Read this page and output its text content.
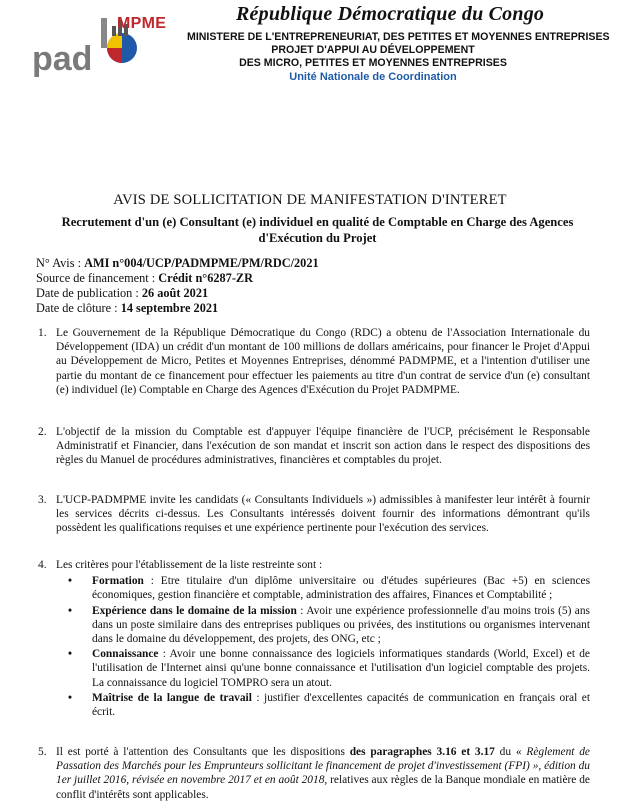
pad
MPME	République Démocratique du Congo
MINISTERE DE L'ENTREPRENEURIAT, DES PETITES ET MOYENNES ENTREPRISES
PROJET D'APPUI AU DÉVELOPPEMENT
DES MICRO, PETITES ET MOYENNES ENTREPRISES
Unité Nationale de Coordination
AVIS DE SOLLICITATION DE MANIFESTATION D'INTERET
Recrutement d'un (e) Consultant (e) individuel en qualité de Comptable en Charge des Agences d'Exécution du Projet
N° Avis : AMI n°004/UCP/PADMPME/PM/RDC/2021
Source de financement : Crédit n°6287-ZR
Date de publication : 26 août 2021
Date de clôture : 14 septembre 2021
1. Le Gouvernement de la République Démocratique du Congo (RDC) a obtenu de l'Association Internationale du Développement (IDA) un crédit d'un montant de 100 millions de dollars américains, pour financer le Projet d'Appui au Développement de Micro, Petites et Moyennes Entreprises, dénommé PADMPME, et a l'intention d'utiliser une partie du montant de ce financement pour effectuer les paiements au titre d'un contrat de service d'un (e) consultant (e) individuel (le) Comptable en Charge des Agences d'Exécution du Projet PADMPME.
2. L'objectif de la mission du Comptable est d'appuyer l'équipe financière de l'UCP, précisément le Responsable Administratif et Financier, dans l'exécution de son mandat et inscrit son action dans le respect des dispositions des règles du Manuel de procédures administratives, financières et comptables du projet.
3. L'UCP-PADMPME invite les candidats (« Consultants Individuels ») admissibles à manifester leur intérêt à fournir les services décrits ci-dessus. Les Consultants intéressés doivent fournir des informations démontrant qu'ils possèdent les qualifications requises et une expérience pertinente pour l'exécution des services.
4. Les critères pour l'établissement de la liste restreinte sont :
• Formation : Etre titulaire d'un diplôme universitaire ou d'études supérieures (Bac +5) en sciences économiques, gestion financière et comptable, administration des affaires, Finances et Comptabilité ;
• Expérience dans le domaine de la mission : Avoir une expérience professionnelle d'au moins trois (5) ans dans un poste similaire dans des entreprises publiques ou privées, des institutions ou organismes intervenant dans le domaine du développement, des projets, des ONG, etc ;
• Connaissance : Avoir une bonne connaissance des logiciels informatiques standards (World, Excel) et de l'utilisation de l'Internet ainsi qu'une bonne connaissance et l'utilisation d'un logiciel comptable des projets. La connaissance du logiciel TOMPRO sera un atout.
• Maîtrise de la langue de travail : justifier d'excellentes capacités de communication en français oral et écrit.
5. Il est porté à l'attention des Consultants que les dispositions des paragraphes 3.16 et 3.17 du « Règlement de Passation des Marchés pour les Emprunteurs sollicitant le financement de projet d'investissement (FPI) », édition du 1er juillet 2016, révisée en novembre 2017 et en août 2018, relatives aux règles de la Banque mondiale en matière de conflit d'intérêts sont applicables.
